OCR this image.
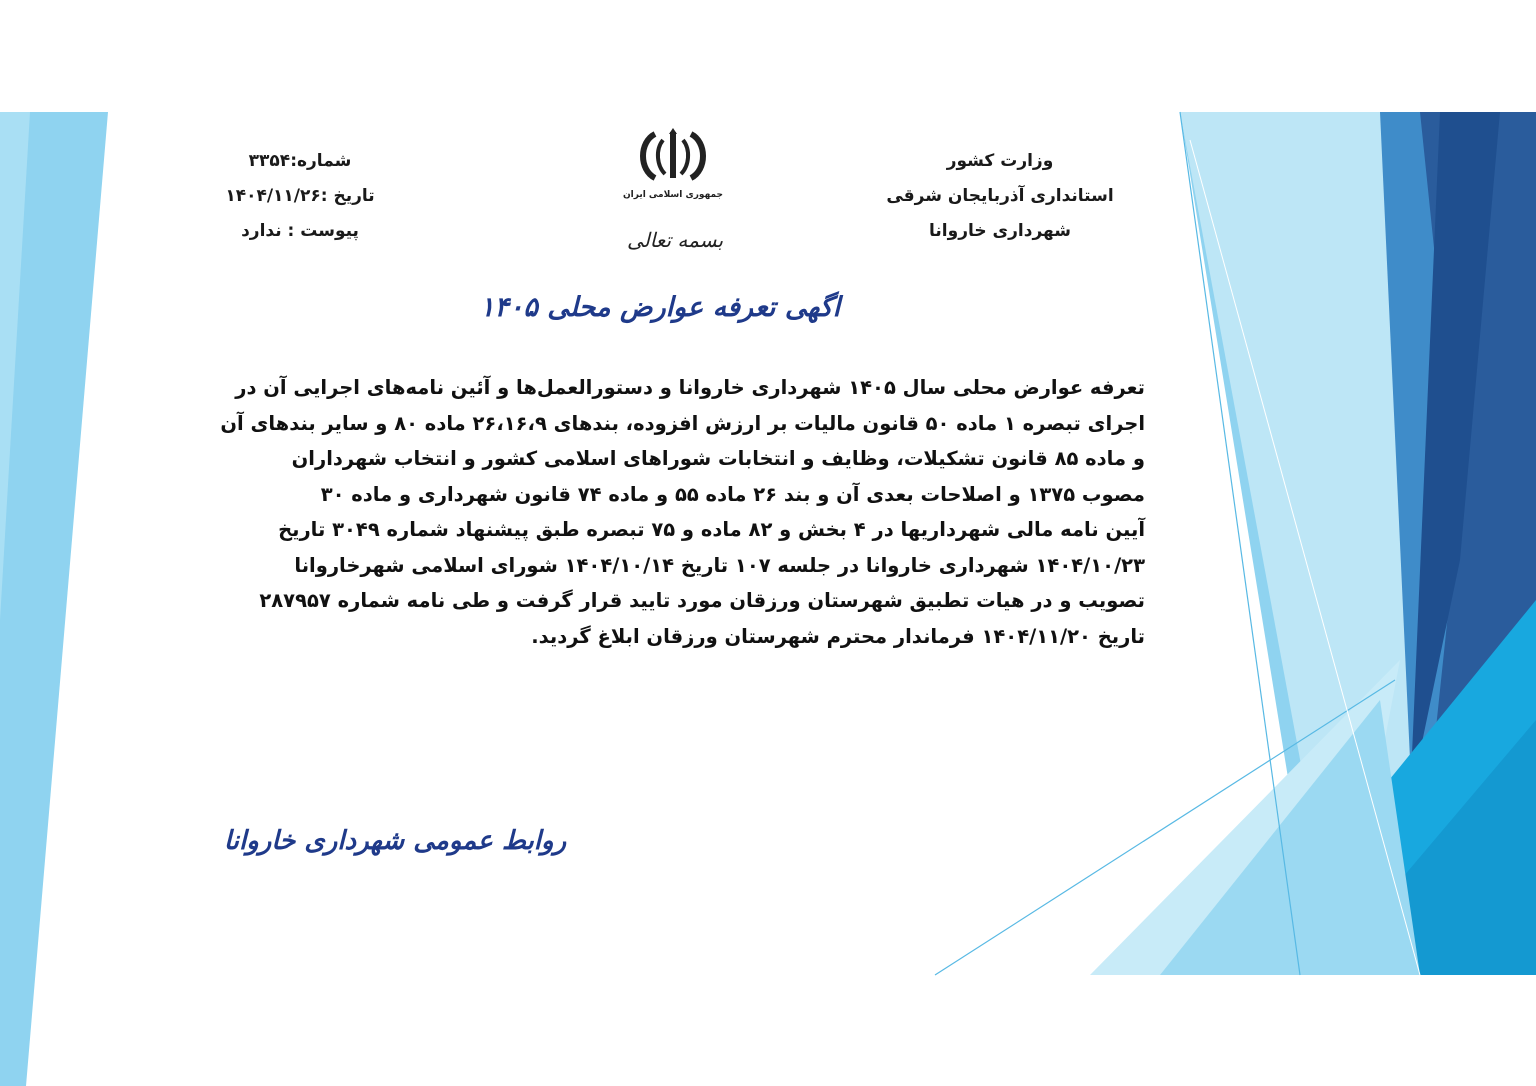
وزارت کشور
استانداری آذربایجان شرقی
شهرداری خاروانا
جمهوری اسلامی ایران
بسمه تعالی
شماره:۳۳۵۴
تاریخ :۱۴۰۴/۱۱/۲۶
پیوست : ندارد
اگهی تعرفه عوارض محلی ۱۴۰۵
تعرفه عوارض محلی سال ۱۴۰۵ شهرداری خاروانا و دستورالعمل‌ها و آئین نامه‌های اجرایی آن در
اجرای تبصره ۱ ماده ۵۰ قانون مالیات بر ارزش افزوده، بندهای ۲۶،۱۶،۹ ماده ۸۰ و سایر بندهای آن
و ماده ۸۵ قانون تشکیلات، وظایف و انتخابات شوراهای اسلامی کشور و انتخاب شهرداران
مصوب ۱۳۷۵ و اصلاحات بعدی آن و بند ۲۶ ماده ۵۵ و ماده ۷۴ قانون شهرداری و ماده ۳۰
آیین نامه مالی شهرداریها در ۴ بخش و ۸۲ ماده و ۷۵ تبصره طبق پیشنهاد شماره ۳۰۴۹ تاریخ
۱۴۰۴/۱۰/۲۳ شهرداری خاروانا در جلسه ۱۰۷ تاریخ ۱۴۰۴/۱۰/۱۴ شورای اسلامی شهرخاروانا
تصویب و در هیات تطبیق شهرستان ورزقان مورد تایید قرار گرفت و طی نامه شماره ۲۸۷۹۵۷
تاریخ ۱۴۰۴/۱۱/۲۰ فرماندار محترم شهرستان ورزقان ابلاغ گردید.
روابط عمومی شهرداری خاروانا
